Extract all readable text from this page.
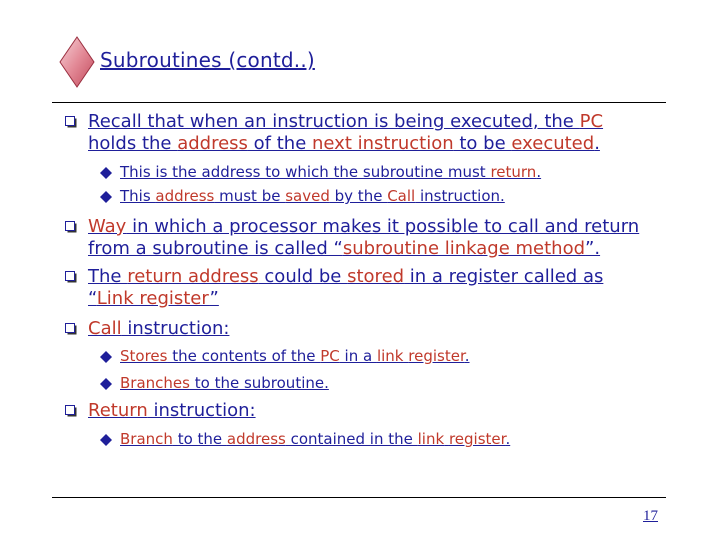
Subroutines (contd..)
Recall that when an instruction is being executed, the PC
holds the address of the next instruction to be executed.
This is the address to which the subroutine must return.
This address must be saved by the Call instruction.
Way in which a processor makes it possible to call and return
from a subroutine is called “subroutine linkage method”.
The return address could be stored in a register called as
“Link register”
Call instruction:
Stores the contents of the PC in a link register.
Branches to the subroutine.
Return instruction:
Branch to the address contained in the link register.
17
